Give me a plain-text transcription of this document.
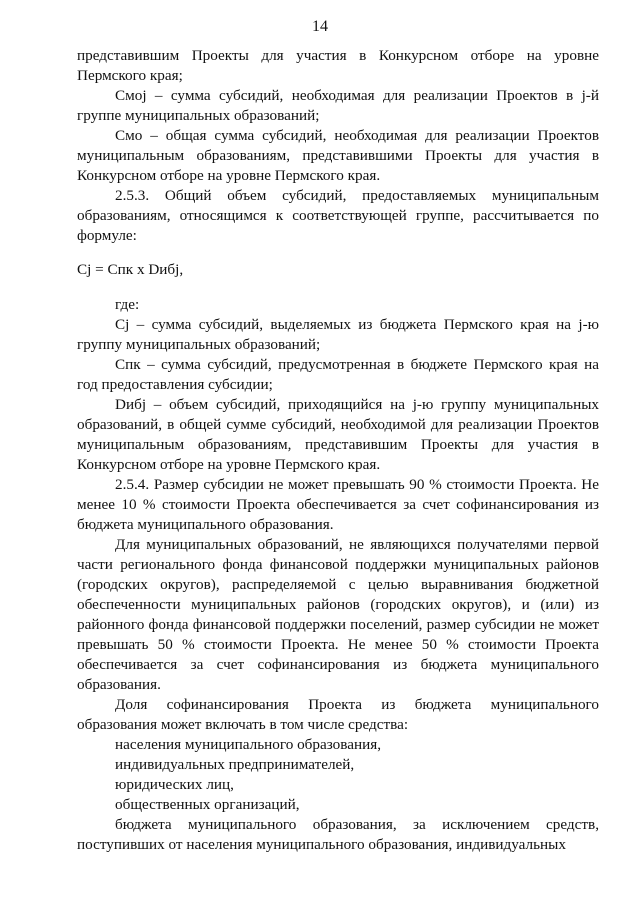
14

представившим Проекты для участия в Конкурсном отборе на уровне Пермского края;

Смоj – сумма субсидий, необходимая для реализации Проектов в j-й группе муниципальных образований;

Смо – общая сумма субсидий, необходимая для реализации Проектов муниципальным образованиям, представившими Проекты для участия в Конкурсном отборе на уровне Пермского края.

2.5.3. Общий объем субсидий, предоставляемых муниципальным образованиям, относящимся к соответствующей группе, рассчитывается по формуле:

Cj = Спк x Dибj,

где:

Cj – сумма субсидий, выделяемых из бюджета Пермского края на j-ю группу муниципальных образований;

Спк – сумма субсидий, предусмотренная в бюджете Пермского края на год предоставления субсидии;

Dибj – объем субсидий, приходящийся на j-ю группу муниципальных образований, в общей сумме субсидий, необходимой для реализации Проектов муниципальным образованиям, представившим Проекты для участия в Конкурсном отборе на уровне Пермского края.

2.5.4. Размер субсидии не может превышать 90 % стоимости Проекта. Не менее 10 % стоимости Проекта обеспечивается за счет софинансирования из бюджета муниципального образования.

Для муниципальных образований, не являющихся получателями первой части регионального фонда финансовой поддержки муниципальных районов (городских округов), распределяемой с целью выравнивания бюджетной обеспеченности муниципальных районов (городских округов), и (или) из районного фонда финансовой поддержки поселений, размер субсидии не может превышать 50 % стоимости Проекта. Не менее 50 % стоимости Проекта обеспечивается за счет софинансирования из бюджета муниципального образования.

Доля софинансирования Проекта из бюджета муниципального образования может включать в том числе средства:

населения муниципального образования,

индивидуальных предпринимателей,

юридических лиц,

общественных организаций,

бюджета муниципального образования, за исключением средств, поступивших от населения муниципального образования, индивидуальных
